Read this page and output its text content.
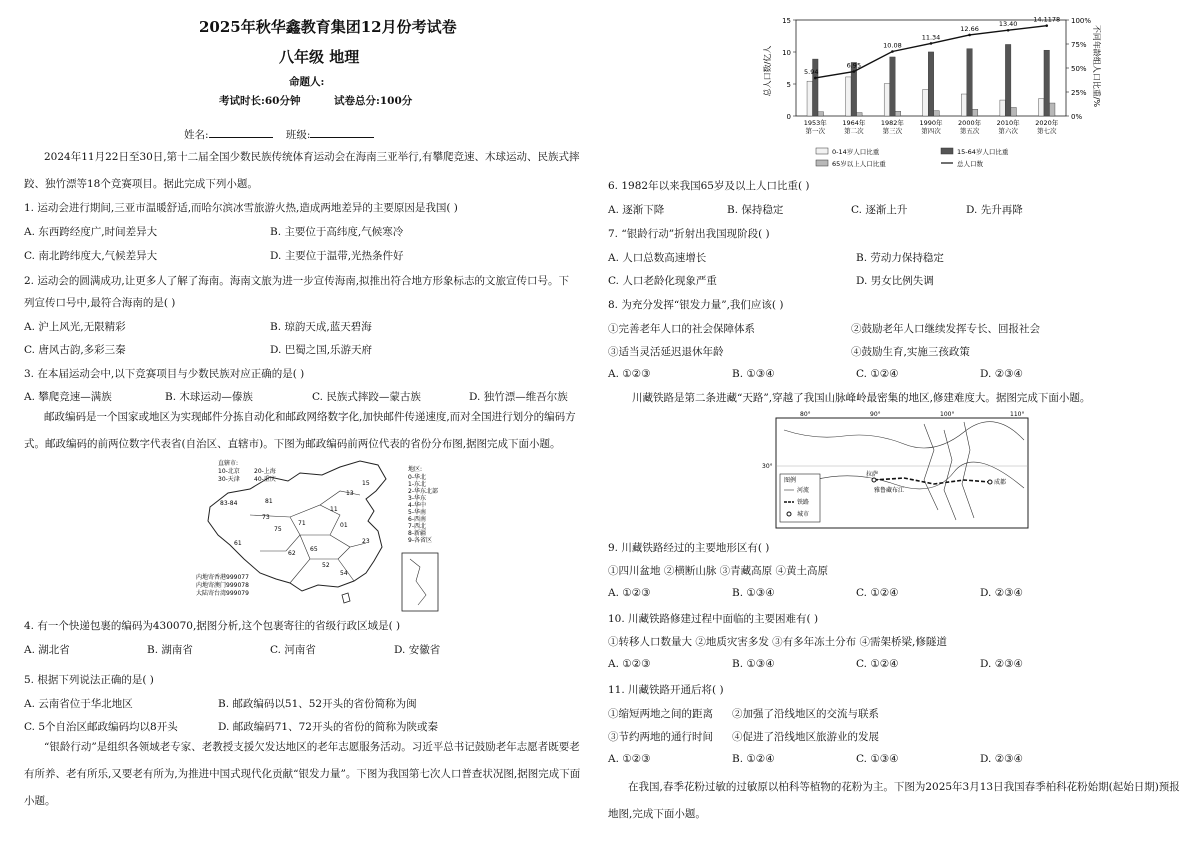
2025年秋华鑫教育集团12月份考试卷
八年级 地理
命题人:
考试时长:60分钟	试卷总分:100分
姓名:	班级:
2024年11月22日至30日,第十二届全国少数民族传统体育运动会在海南三亚举行,有攀爬竞速、木球运动、民族式摔跤、独竹漂等18个竞赛项目。据此完成下列小题。
1. 运动会进行期间,三亚市温暖舒适,而哈尔滨冰雪旅游火热,造成两地差异的主要原因是我国( )
A. 东西跨经度广,时间差异大	B. 主要位于高纬度,气候寒冷
C. 南北跨纬度大,气候差异大	D. 主要位于温带,光热条件好
2. 运动会的圆满成功,让更多人了解了海南。海南文旅为进一步宣传海南,拟推出符合地方形象标志的文旅宣传口号。下
列宣传口号中,最符合海南的是( )
A. 沪上风光,无限精彩	B. 琼韵天成,蓝天碧海
C. 唐风古韵,多彩三秦	D. 巴蜀之国,乐游天府
3. 在本届运动会中,以下竞赛项目与少数民族对应正确的是( )
A. 攀爬竞速—满族	B. 木球运动—傣族	C. 民族式摔跤—蒙古族	D. 独竹漂—维吾尔族
邮政编码是一个国家或地区为实现邮件分拣自动化和邮政网络数字化,加快邮件传递速度,而对全国进行划分的编码方式。邮政编码的前两位数字代表省(自治区、直辖市)。下图为邮政编码前两位代表的省份分布图,据图完成下面小题。
83-84	81
73
75
71
61
62
65
52
54
01
23
15
13
11
直辖市:
10-北京 20-上海
30-天津 40-重庆
地区:
0-华北
1-东北
2-华东北部
3-华东
4-华中
5-华南
6-西南
7-西北
8-新疆
9-各省区
内地寄香港999077
内地寄澳门999078
大陆寄台湾999079
4. 有一个快递包裹的编码为430070,据图分析,这个包裹寄往的省级行政区域是( )
A. 湖北省	B. 湖南省	C. 河南省	D. 安徽省
5. 根据下列说法正确的是( )
A. 云南省位于华北地区	B. 邮政编码以51、52开头的省份简称为闽
C. 5个自治区邮政编码均以8开头	D. 邮政编码71、72开头的省份的简称为陕或秦
“银龄行动”是组织各领域老专家、老教授支援欠发达地区的老年志愿服务活动。习近平总书记鼓励老年志愿者既要老有所养、老有所乐,又要老有所为,为推进中国式现代化贡献“银发力量”。下图为我国第七次人口普查状况图,据图完成下面小题。
总人口数/亿人	不同年龄组人口比重/%
0
5
10
15
0%
25%
50%
75%
100%
1953年
第一次
1964年
第二次
1982年
第三次
1990年
第四次
2000年
第五次
2010年
第六次
2020年
第七次
5.94
6.95
10.08
11.34
12.66
13.40
14.1178
0-14岁人口比重	15-64岁人口比重
65岁以上人口比重	总人口数
6. 1982年以来我国65岁及以上人口比重( )
A. 逐渐下降	B. 保持稳定	C. 逐渐上升	D. 先升再降
7. “银龄行动”折射出我国现阶段( )
A. 人口总数高速增长	B. 劳动力保持稳定
C. 人口老龄化现象严重	D. 男女比例失调
8. 为充分发挥“银发力量”,我们应该( )
①完善老年人口的社会保障体系	②鼓励老年人口继续发挥专长、回报社会
③适当灵活延迟退休年龄	④鼓励生育,实施三孩政策
A. ①②③	B. ①③④	C. ①②④	D. ②③④
川藏铁路是第二条进藏“天路”,穿越了我国山脉峰岭最密集的地区,修建难度大。据图完成下面小题。
80°	90°	100°	110°
30°
拉萨
雅鲁藏布江
成都
图例
河流
铁路
城市
9. 川藏铁路经过的主要地形区有( )
①四川盆地 ②横断山脉 ③青藏高原 ④黄土高原
A. ①②③	B. ①③④	C. ①②④	D. ②③④
10. 川藏铁路修建过程中面临的主要困难有( )
①转移人口数量大 ②地质灾害多发 ③有多年冻土分布 ④需架桥梁,修隧道
A. ①②③	B. ①③④	C. ①②④	D. ②③④
11. 川藏铁路开通后将( )
①缩短两地之间的距离 ②加强了沿线地区的交流与联系
③节约两地的通行时间 ④促进了沿线地区旅游业的发展
A. ①②③	B. ①②④	C. ①③④	D. ②③④
在我国,春季花粉过敏的过敏原以柏科等植物的花粉为主。下图为2025年3月13日我国春季柏科花粉始期(起始日期)预报地图,完成下面小题。
